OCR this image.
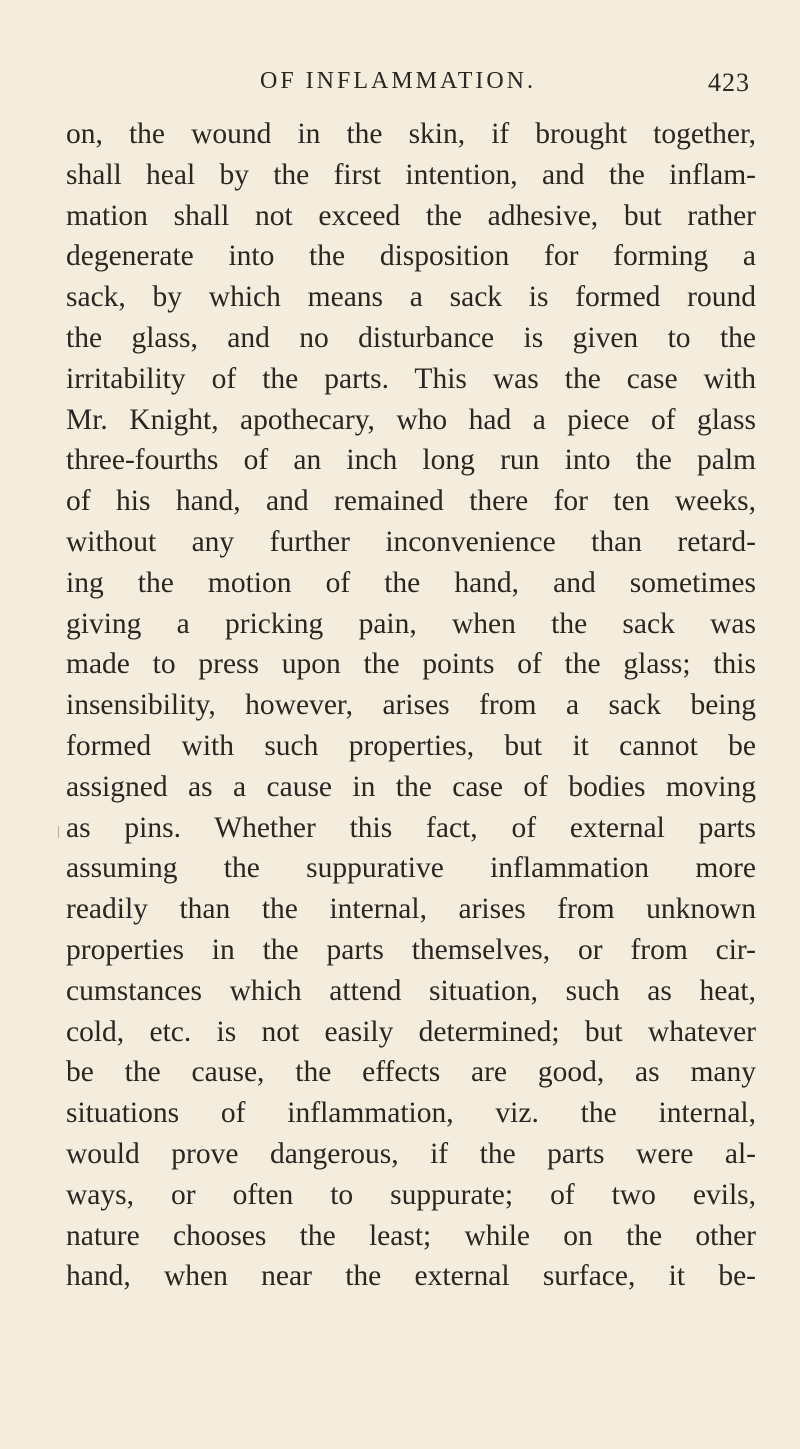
OF INFLAMMATION.	423
on, the wound in the skin, if brought together,
shall heal by the first intention, and the inflam-
mation shall not exceed the adhesive, but rather
degenerate into the disposition for forming a
sack, by which means a sack is formed round
the glass, and no disturbance is given to the
irritability of the parts. This was the case with
Mr. Knight, apothecary, who had a piece of glass
three-fourths of an inch long run into the palm
of his hand, and remained there for ten weeks,
without any further inconvenience than retard-
ing the motion of the hand, and sometimes
giving a pricking pain, when the sack was
made to press upon the points of the glass; this
insensibility, however, arises from a sack being
formed with such properties, but it cannot be
assigned as a cause in the case of bodies moving
as pins. Whether this fact, of external parts
assuming the suppurative inflammation more
readily than the internal, arises from unknown
properties in the parts themselves, or from cir-
cumstances which attend situation, such as heat,
cold, etc. is not easily determined; but whatever
be the cause, the effects are good, as many
situations of inflammation, viz. the internal,
would prove dangerous, if the parts were al-
ways, or often to suppurate; of two evils,
nature chooses the least; while on the other
hand, when near the external surface, it be-
